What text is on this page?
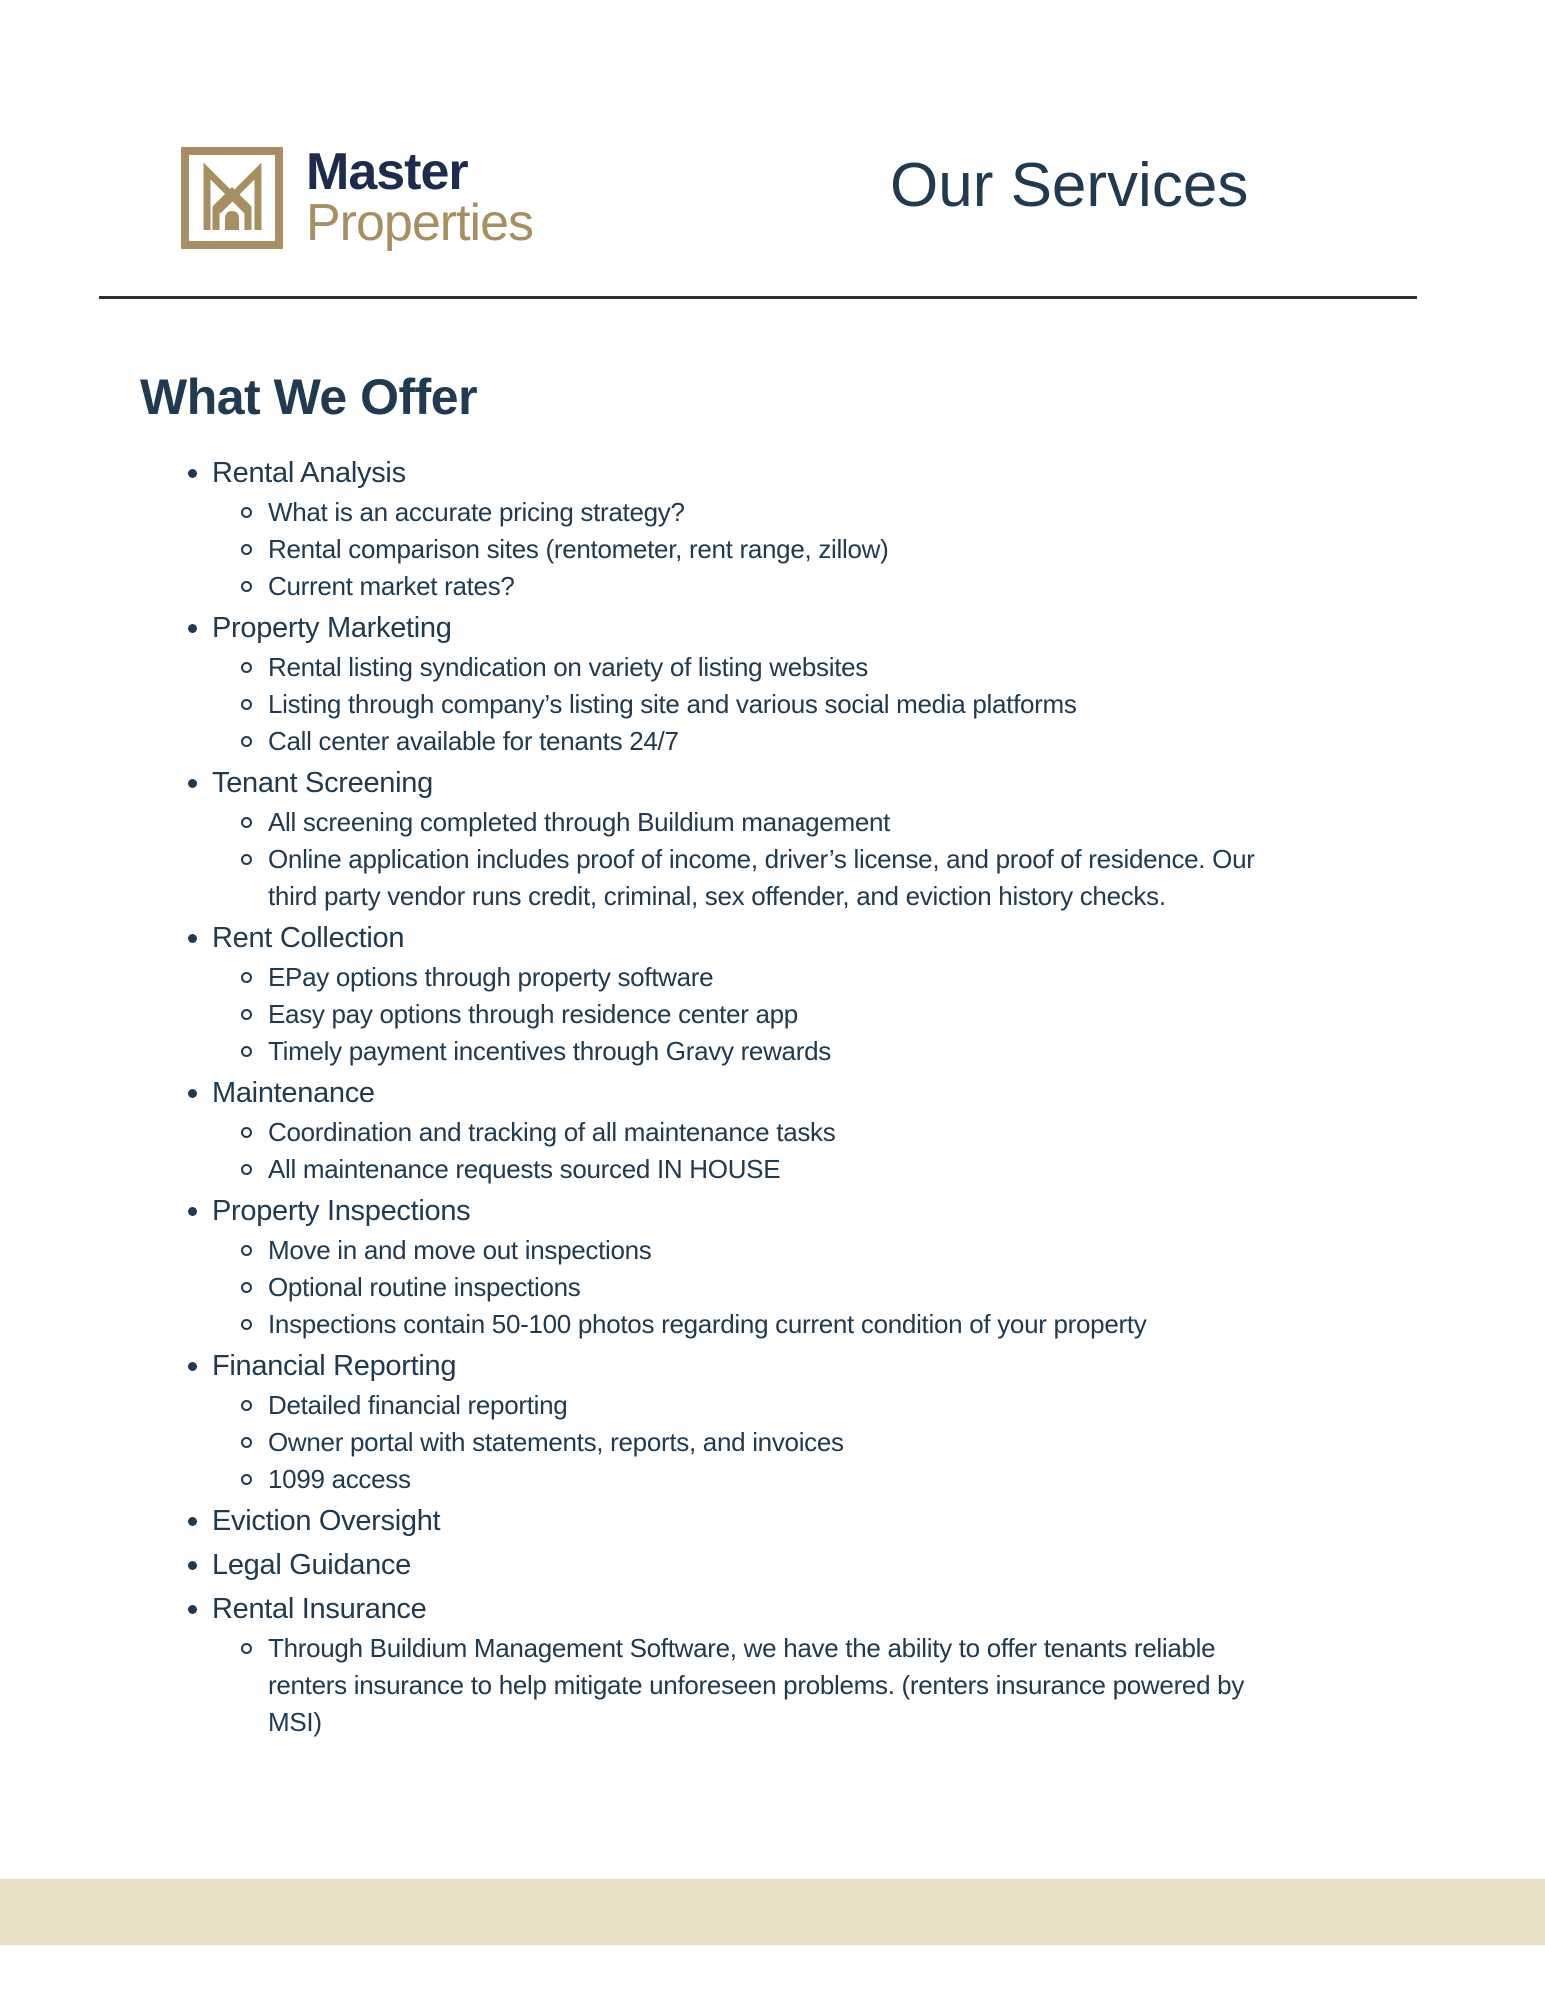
Master
Properties
Our Services
What We Offer
Rental Analysis
What is an accurate pricing strategy?
Rental comparison sites (rentometer, rent range, zillow)
Current market rates?
Property Marketing
Rental listing syndication on variety of listing websites
Listing through company’s listing site and various social media platforms
Call center available for tenants 24/7
Tenant Screening
All screening completed through Buildium management
Online application includes proof of income, driver’s license, and proof of residence. Our third party vendor runs credit, criminal, sex offender, and eviction history checks.
Rent Collection
EPay options through property software
Easy pay options through residence center app
Timely payment incentives through Gravy rewards
Maintenance
Coordination and tracking of all maintenance tasks
All maintenance requests sourced IN HOUSE
Property Inspections
Move in and move out inspections
Optional routine inspections
Inspections contain 50-100 photos regarding current condition of your property
Financial Reporting
Detailed financial reporting
Owner portal with statements, reports, and invoices
1099 access
Eviction Oversight
Legal Guidance
Rental Insurance
Through Buildium Management Software, we have the ability to offer tenants reliable renters insurance to help mitigate unforeseen problems. (renters insurance powered by MSI)
